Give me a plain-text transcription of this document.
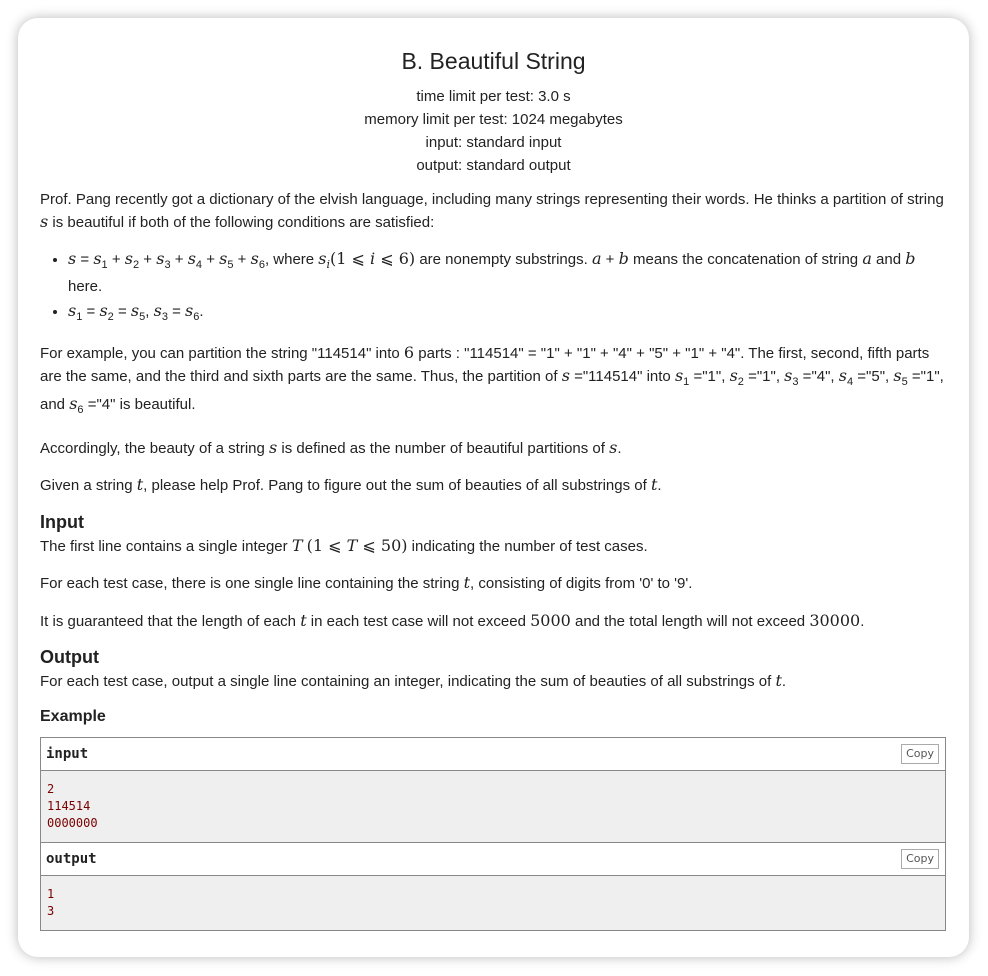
B. Beautiful String
time limit per test: 3.0 s
memory limit per test: 1024 megabytes
input: standard input
output: standard output

Prof. Pang recently got a dictionary of the elvish language, including many strings representing their words. He thinks a partition of string s is beautiful if both of the following conditions are satisfied:

• $s = s_1 + s_2 + s_3 + s_4 + s_5 + s_6$, where $s_i(1$ ⩽ i ⩽ 6) are nonempty substrings. a + b means the concatenation of string a and b here.
• $s_1 = s_2 = s_5$, $s_3 = s_6$.

For example, you can partition the string "114514" into 6 parts : "114514" = "1" + "1" + "4" + "5" + "1" + "4". The first, second, fifth parts are the same, and the third and sixth parts are the same. Thus, the partition of s ="114514" into $s_1$ ="1", $s_2$ ="1", $s_3$ ="4", $s_4$ ="5", $s_5$ ="1", and $s_6$ ="4" is beautiful.

Accordingly, the beauty of a string s is defined as the number of beautiful partitions of s.

Given a string t, please help Prof. Pang to figure out the sum of beauties of all substrings of t.

Input

The first line contains a single integer T (1 ⩽ T ⩽ 50) indicating the number of test cases.

For each test case, there is one single line containing the string t, consisting of digits from '0' to '9'.

It is guaranteed that the length of each t in each test case will not exceed 5000 and the total length will not exceed 30000.

Output

For each test case, output a single line containing an integer, indicating the sum of beauties of all substrings of t.

Example
input	Copy
2
114514
0000000
output	Copy
1
3
